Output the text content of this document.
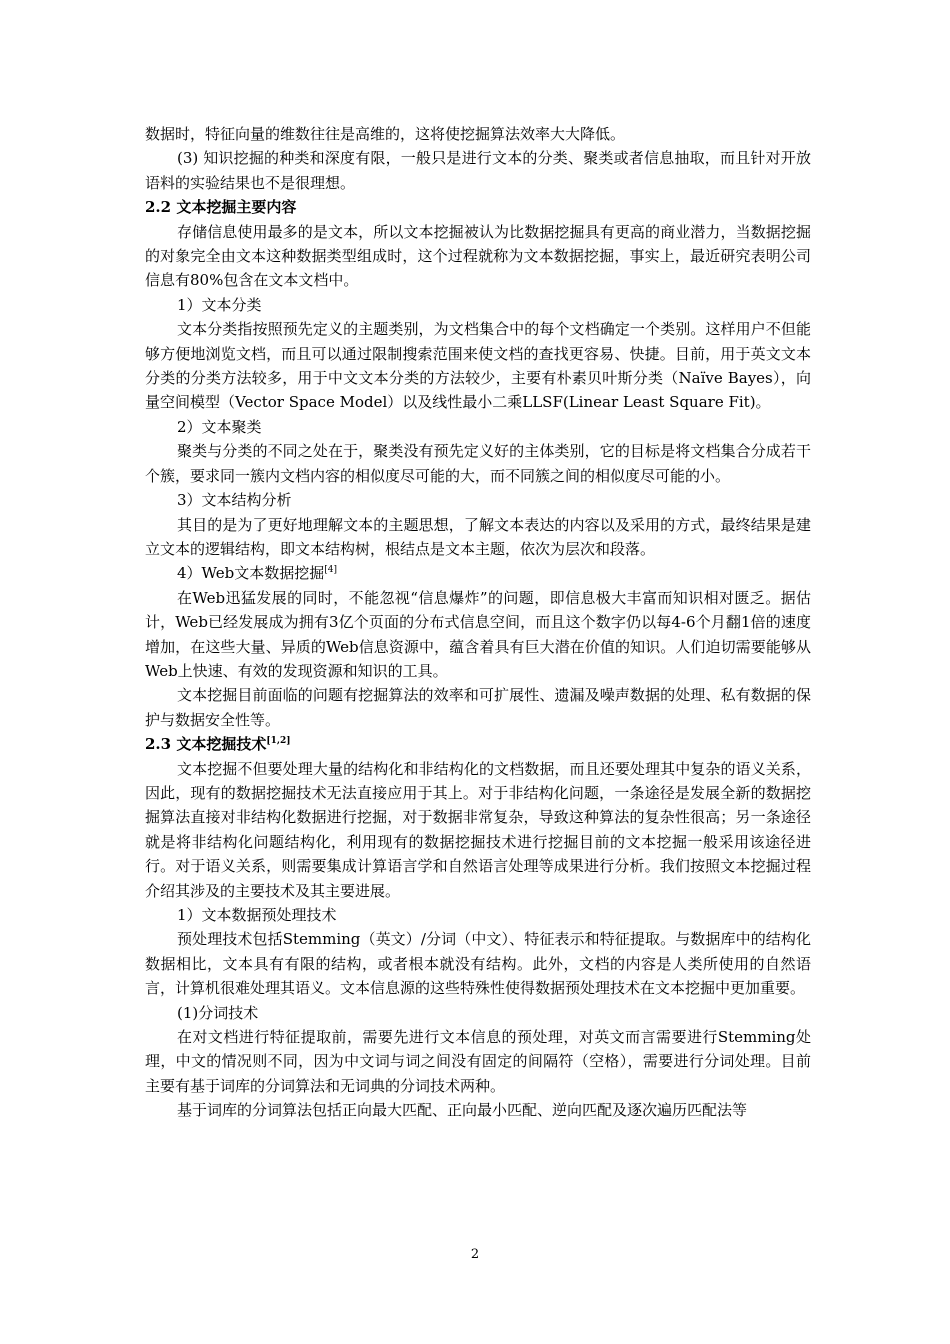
数据时，特征向量的维数往往是高维的，这将使挖掘算法效率大大降低。

(3) 知识挖掘的种类和深度有限，一般只是进行文本的分类、聚类或者信息抽取，而且针对开放语料的实验结果也不是很理想。

2.2 文本挖掘主要内容

存储信息使用最多的是文本，所以文本挖掘被认为比数据挖掘具有更高的商业潜力，当数据挖掘的对象完全由文本这种数据类型组成时，这个过程就称为文本数据挖掘，事实上，最近研究表明公司信息有80%包含在文本文档中。

1）文本分类

文本分类指按照预先定义的主题类别，为文档集合中的每个文档确定一个类别。这样用户不但能够方便地浏览文档，而且可以通过限制搜索范围来使文档的查找更容易、快捷。目前，用于英文文本分类的分类方法较多，用于中文文本分类的方法较少，主要有朴素贝叶斯分类（Naïve Bayes），向量空间模型（Vector Space Model）以及线性最小二乘LLSF(Linear Least Square Fit)。

2）文本聚类

聚类与分类的不同之处在于，聚类没有预先定义好的主体类别，它的目标是将文档集合分成若干个簇，要求同一簇内文档内容的相似度尽可能的大，而不同簇之间的相似度尽可能的小。

3）文本结构分析

其目的是为了更好地理解文本的主题思想，了解文本表达的内容以及采用的方式，最终结果是建立文本的逻辑结构，即文本结构树，根结点是文本主题，依次为层次和段落。

4）Web文本数据挖掘[4]

在Web迅猛发展的同时，不能忽视“信息爆炸”的问题，即信息极大丰富而知识相对匮乏。据估计，Web已经发展成为拥有3亿个页面的分布式信息空间，而且这个数字仍以每4-6个月翻1倍的速度增加，在这些大量、异质的Web信息资源中，蕴含着具有巨大潜在价值的知识。人们迫切需要能够从Web上快速、有效的发现资源和知识的工具。

文本挖掘目前面临的问题有挖掘算法的效率和可扩展性、遗漏及噪声数据的处理、私有数据的保护与数据安全性等。

2.3 文本挖掘技术[1,2]

文本挖掘不但要处理大量的结构化和非结构化的文档数据，而且还要处理其中复杂的语义关系，因此，现有的数据挖掘技术无法直接应用于其上。对于非结构化问题，一条途径是发展全新的数据挖掘算法直接对非结构化数据进行挖掘，对于数据非常复杂，导致这种算法的复杂性很高；另一条途径就是将非结构化问题结构化，利用现有的数据挖掘技术进行挖掘目前的文本挖掘一般采用该途径进行。对于语义关系，则需要集成计算语言学和自然语言处理等成果进行分析。我们按照文本挖掘过程介绍其涉及的主要技术及其主要进展。

1）文本数据预处理技术

预处理技术包括Stemming（英文）/分词（中文）、特征表示和特征提取。与数据库中的结构化数据相比，文本具有有限的结构，或者根本就没有结构。此外，文档的内容是人类所使用的自然语言，计算机很难处理其语义。文本信息源的这些特殊性使得数据预处理技术在文本挖掘中更加重要。

(1)分词技术

在对文档进行特征提取前，需要先进行文本信息的预处理，对英文而言需要进行Stemming处理，中文的情况则不同，因为中文词与词之间没有固定的间隔符（空格），需要进行分词处理。目前主要有基于词库的分词算法和无词典的分词技术两种。

基于词库的分词算法包括正向最大匹配、正向最小匹配、逆向匹配及逐次遍历匹配法等

2
